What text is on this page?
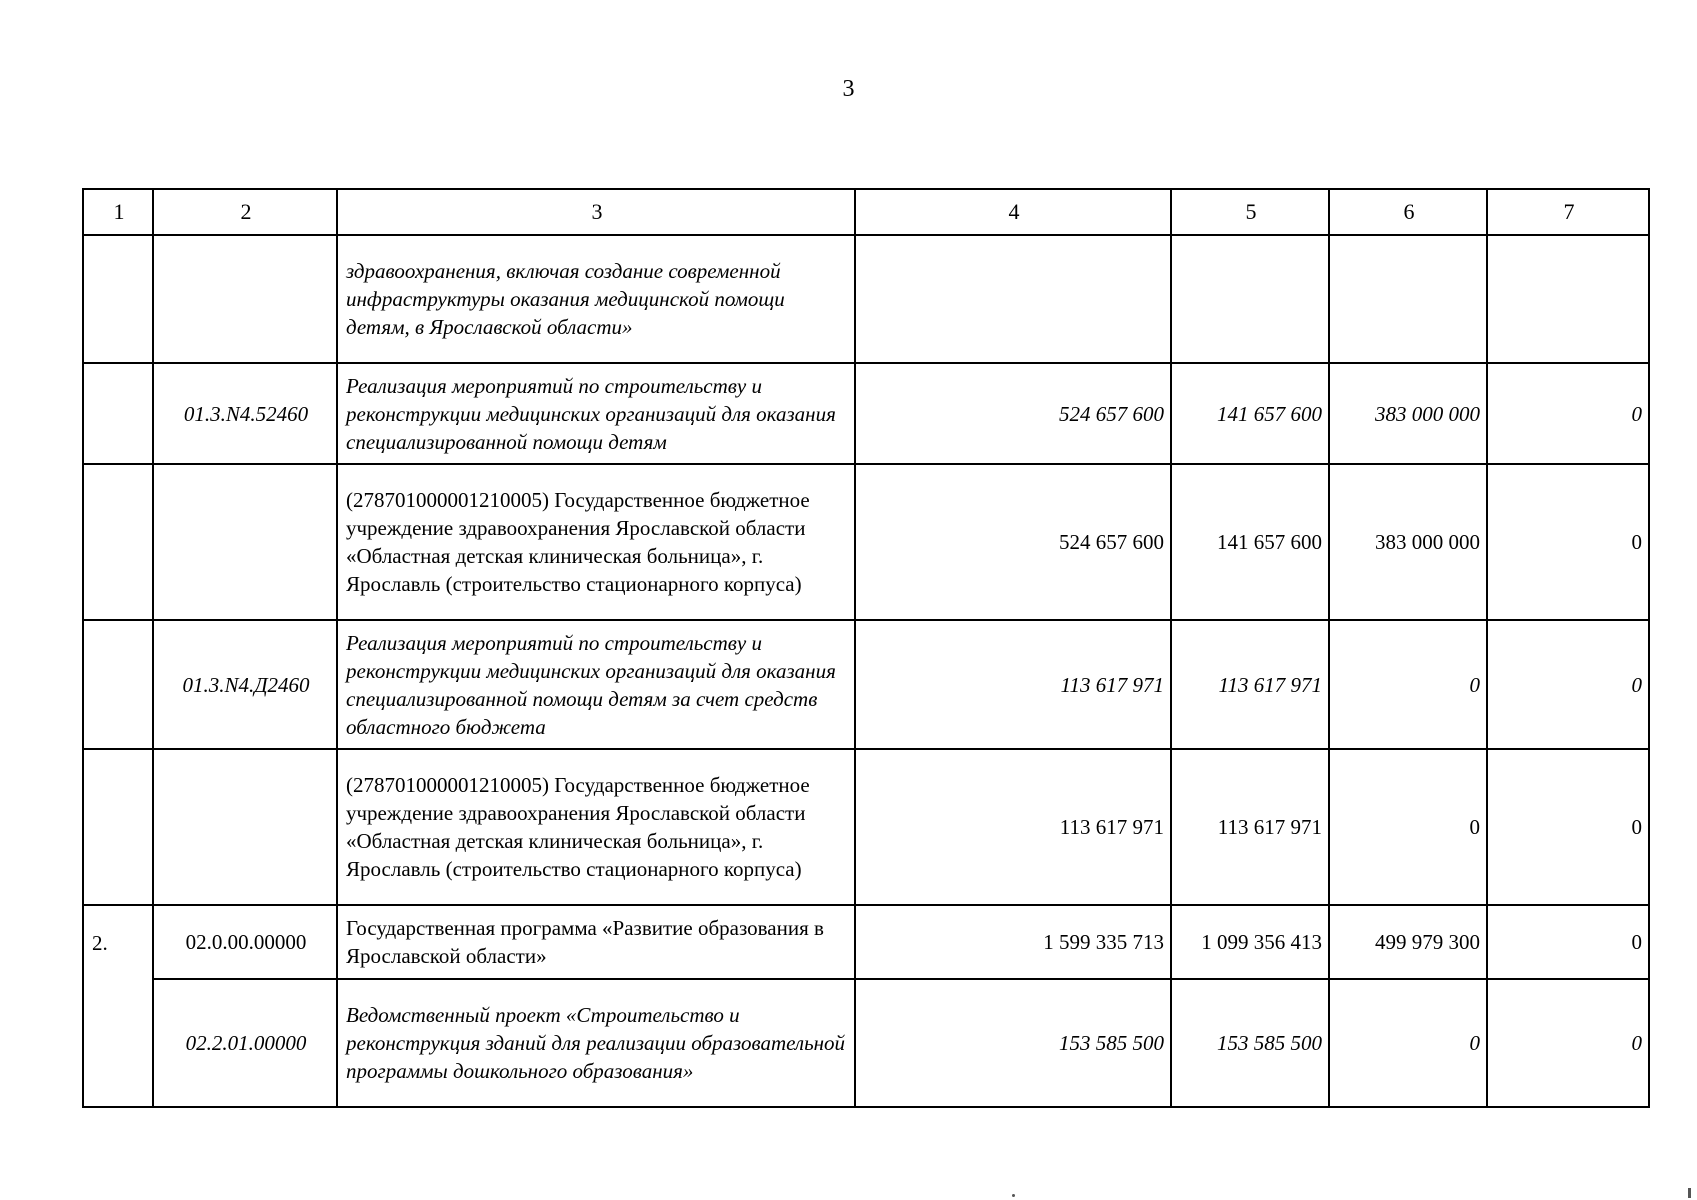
3
1	2	3	4	5	6	7
		здравоохранения, включая создание современной инфраструктуры оказания медицинской помощи детям, в Ярославской области»				
	01.3.N4.52460	Реализация мероприятий по строительству и реконструкции медицинских организаций для оказания специализированной помощи детям	524 657 600	141 657 600	383 000 000	0
		(278701000001210005) Государственное бюджетное учреждение здравоохранения Ярославской области «Областная детская клиническая больница», г. Ярославль (строительство стационарного корпуса)	524 657 600	141 657 600	383 000 000	0
	01.3.N4.Д2460	Реализация мероприятий по строительству и реконструкции медицинских организаций для оказания специализированной помощи детям за счет средств областного бюджета	113 617 971	113 617 971	0	0
		(278701000001210005) Государственное бюджетное учреждение здравоохранения Ярославской области «Областная детская клиническая больница», г. Ярославль (строительство стационарного корпуса)	113 617 971	113 617 971	0	0
2.	02.0.00.00000	Государственная программа «Развитие образования в Ярославской области»	1 599 335 713	1 099 356 413	499 979 300	0
	02.2.01.00000	Ведомственный проект «Строительство и реконструкция зданий для реализации образовательной программы дошкольного образования»	153 585 500	153 585 500	0	0
